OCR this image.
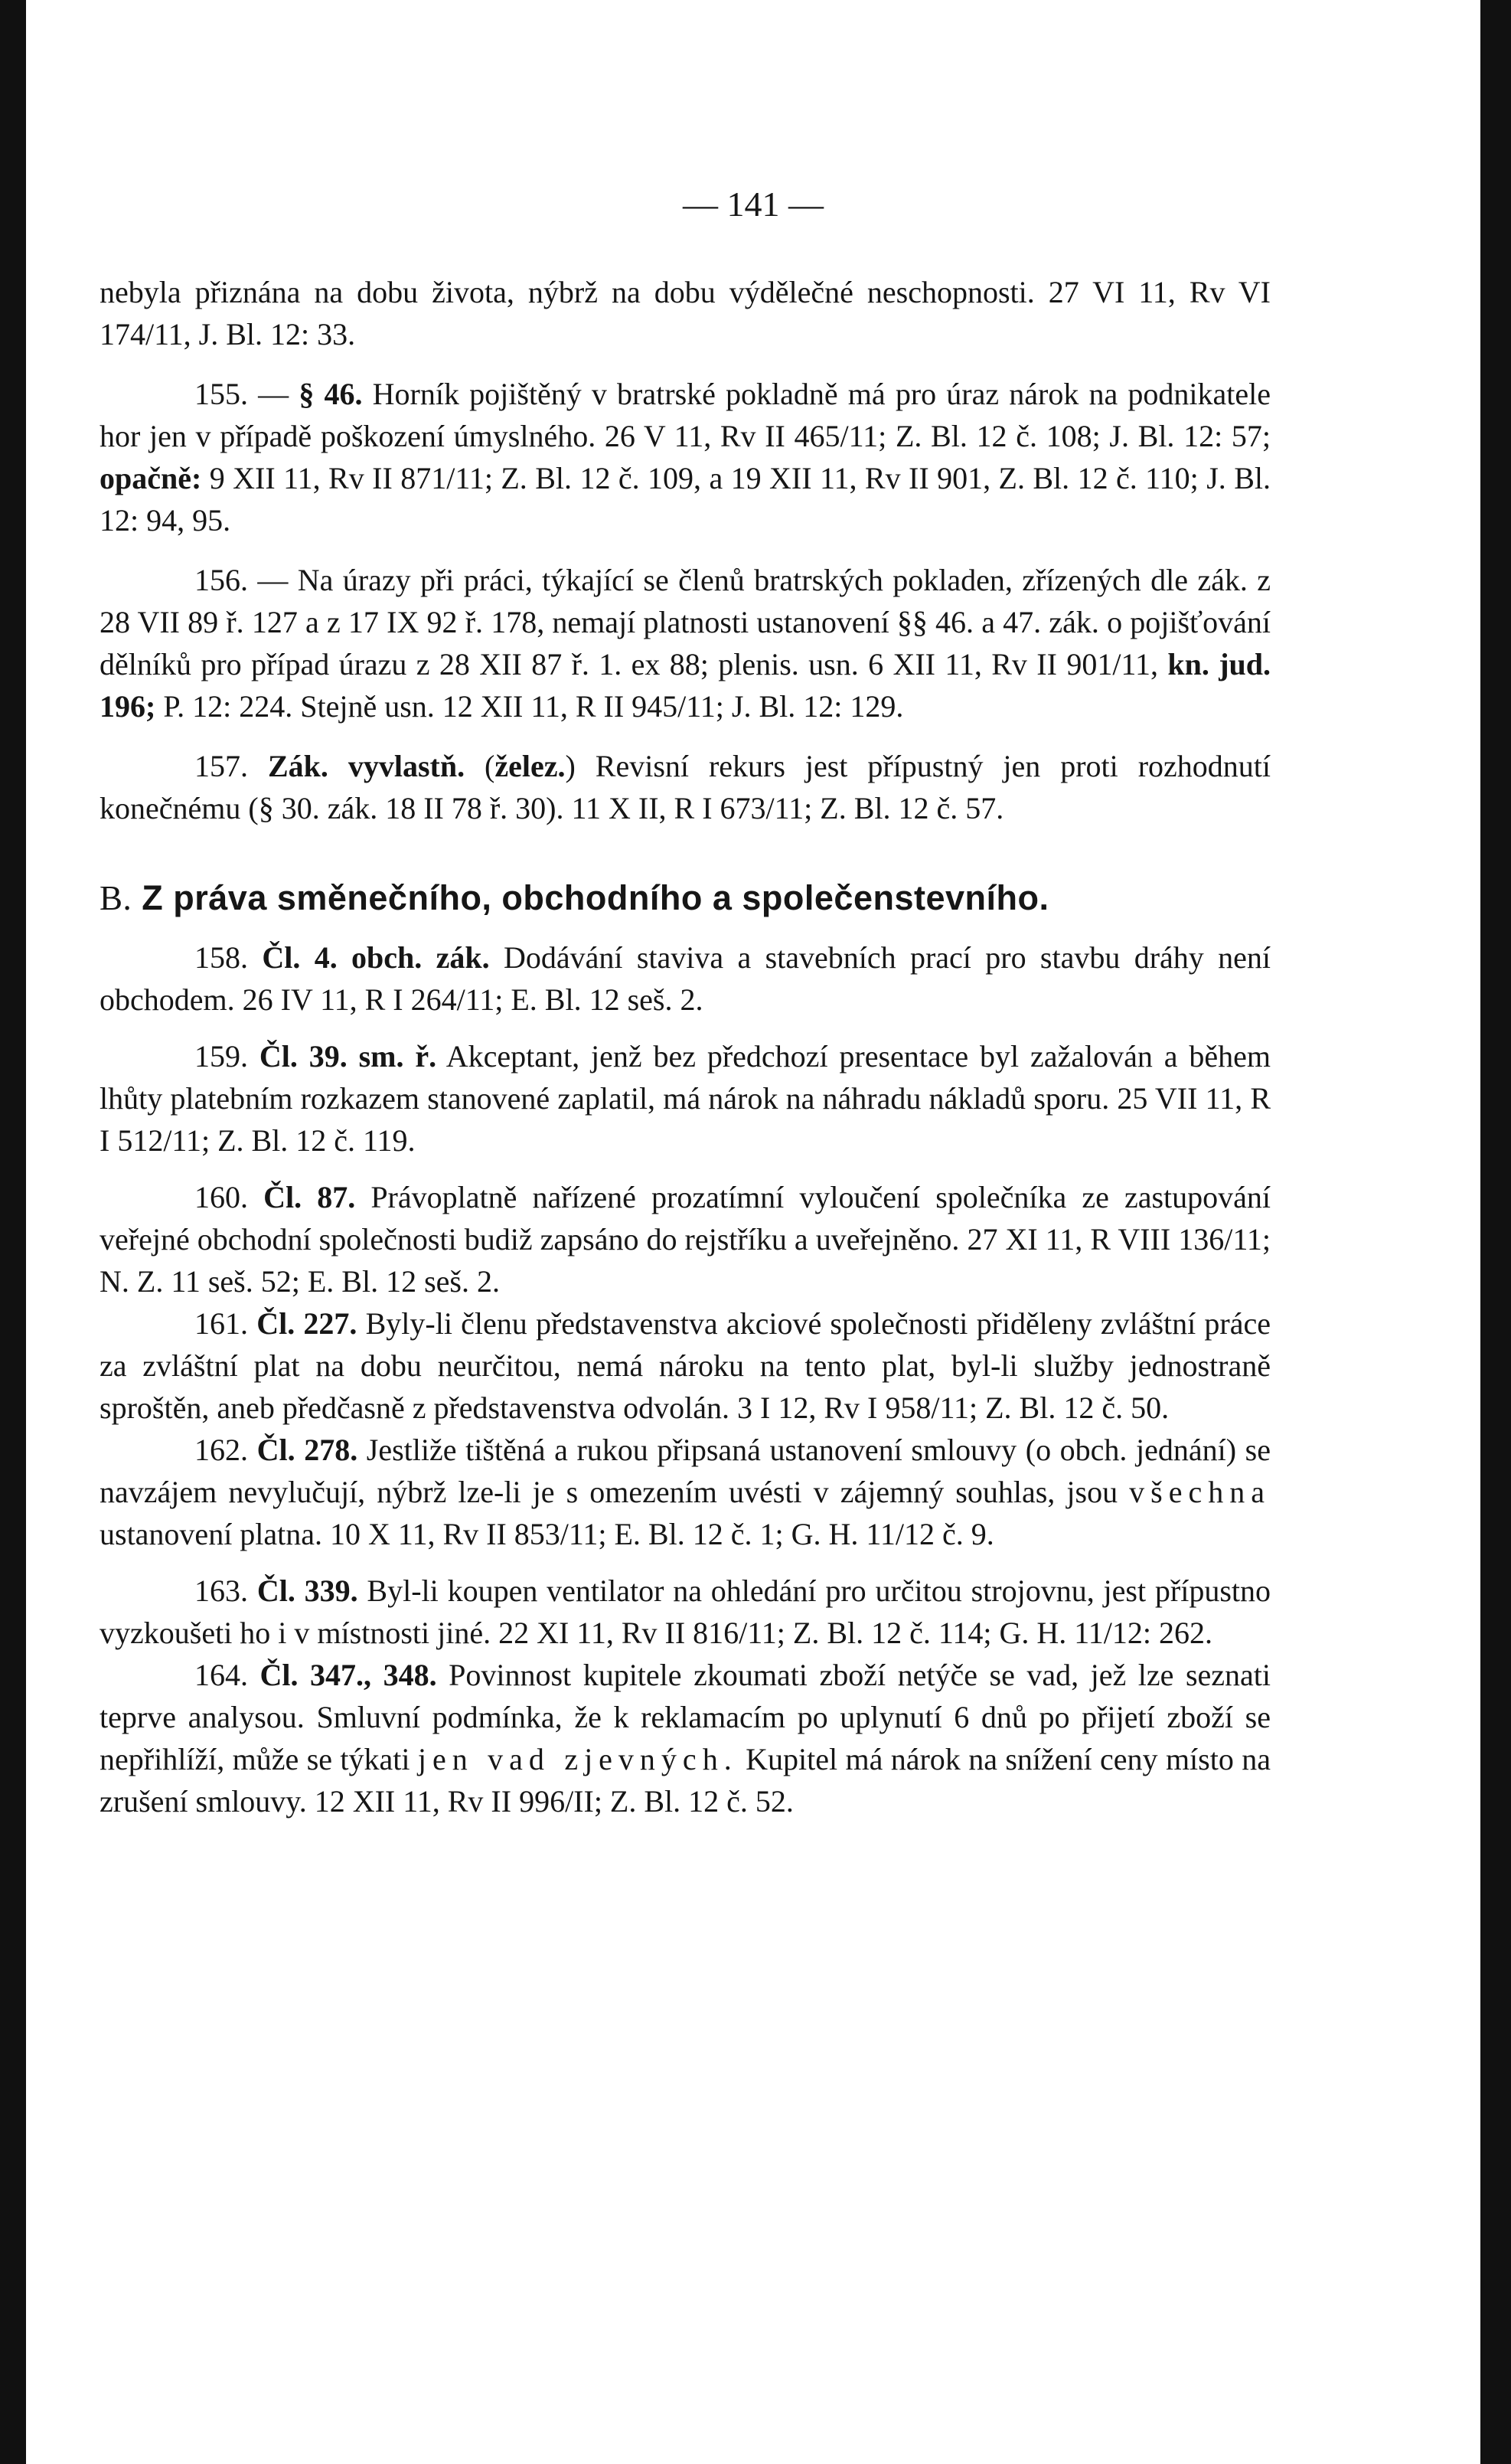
— 141 —

nebyla přiznána na dobu života, nýbrž na dobu výdělečné neschopnosti. 27 VI 11, Rv VI 174/11, J. Bl. 12: 33.

155. — § 46. Horník pojištěný v bratrské pokladně má pro úraz nárok na podnikatele hor jen v případě poškození úmyslného. 26 V 11, Rv II 465/11; Z. Bl. 12 č. 108; J. Bl. 12: 57; opačně: 9 XII 11, Rv II 871/11; Z. Bl. 12 č. 109, a 19 XII 11, Rv II 901, Z. Bl. 12 č. 110; J. Bl. 12: 94, 95.

156. — Na úrazy při práci, týkající se členů bratrských pokladen, zřízených dle zák. z 28 VII 89 ř. 127 a z 17 IX 92 ř. 178, nemají platnosti ustanovení §§ 46. a 47. zák. o pojišťování dělníků pro případ úrazu z 28 XII 87 ř. 1. ex 88; plenis. usn. 6 XII 11, Rv II 901/11, kn. jud. 196; P. 12: 224. Stejně usn. 12 XII 11, R II 945/11; J. Bl. 12: 129.

157. Zák. vyvlastň. (želez.) Revisní rekurs jest přípustný jen proti rozhodnutí konečnému (§ 30. zák. 18 II 78 ř. 30). 11 X II, R I 673/11; Z. Bl. 12 č. 57.

B. Z práva směnečního, obchodního a společenstevního.

158. Čl. 4. obch. zák. Dodávání staviva a stavebních prací pro stavbu dráhy není obchodem. 26 IV 11, R I 264/11; E. Bl. 12 seš. 2.

159. Čl. 39. sm. ř. Akceptant, jenž bez předchozí presentace byl zažalován a během lhůty platebním rozkazem stanovené zaplatil, má nárok na náhradu nákladů sporu. 25 VII 11, R I 512/11; Z. Bl. 12 č. 119.

160. Čl. 87. Právoplatně nařízené prozatímní vyloučení společníka ze zastupování veřejné obchodní společnosti budiž zapsáno do rejstříku a uveřejněno. 27 XI 11, R VIII 136/11; N. Z. 11 seš. 52; E. Bl. 12 seš. 2.

161. Čl. 227. Byly-li členu představenstva akciové společnosti přiděleny zvláštní práce za zvláštní plat na dobu neurčitou, nemá nároku na tento plat, byl-li služby jednostraně sproštěn, aneb předčasně z představenstva odvolán. 3 I 12, Rv I 958/11; Z. Bl. 12 č. 50.

162. Čl. 278. Jestliže tištěná a rukou připsaná ustanovení smlouvy (o obch. jednání) se navzájem nevylučují, nýbrž lze-li je s omezením uvésti v zájemný souhlas, jsou všechna ustanovení platna. 10 X 11, Rv II 853/11; E. Bl. 12 č. 1; G. H. 11/12 č. 9.

163. Čl. 339. Byl-li koupen ventilator na ohledání pro určitou strojovnu, jest přípustno vyzkoušeti ho i v místnosti jiné. 22 XI 11, Rv II 816/11; Z. Bl. 12 č. 114; G. H. 11/12: 262.

164. Čl. 347., 348. Povinnost kupitele zkoumati zboží netýče se vad, jež lze seznati teprve analysou. Smluvní podmínka, že k reklamacím po uplynutí 6 dnů po přijetí zboží se nepřihlíží, může se týkati jen vad zjevných. Kupitel má nárok na snížení ceny místo na zrušení smlouvy. 12 XII 11, Rv II 996/II; Z. Bl. 12 č. 52.
